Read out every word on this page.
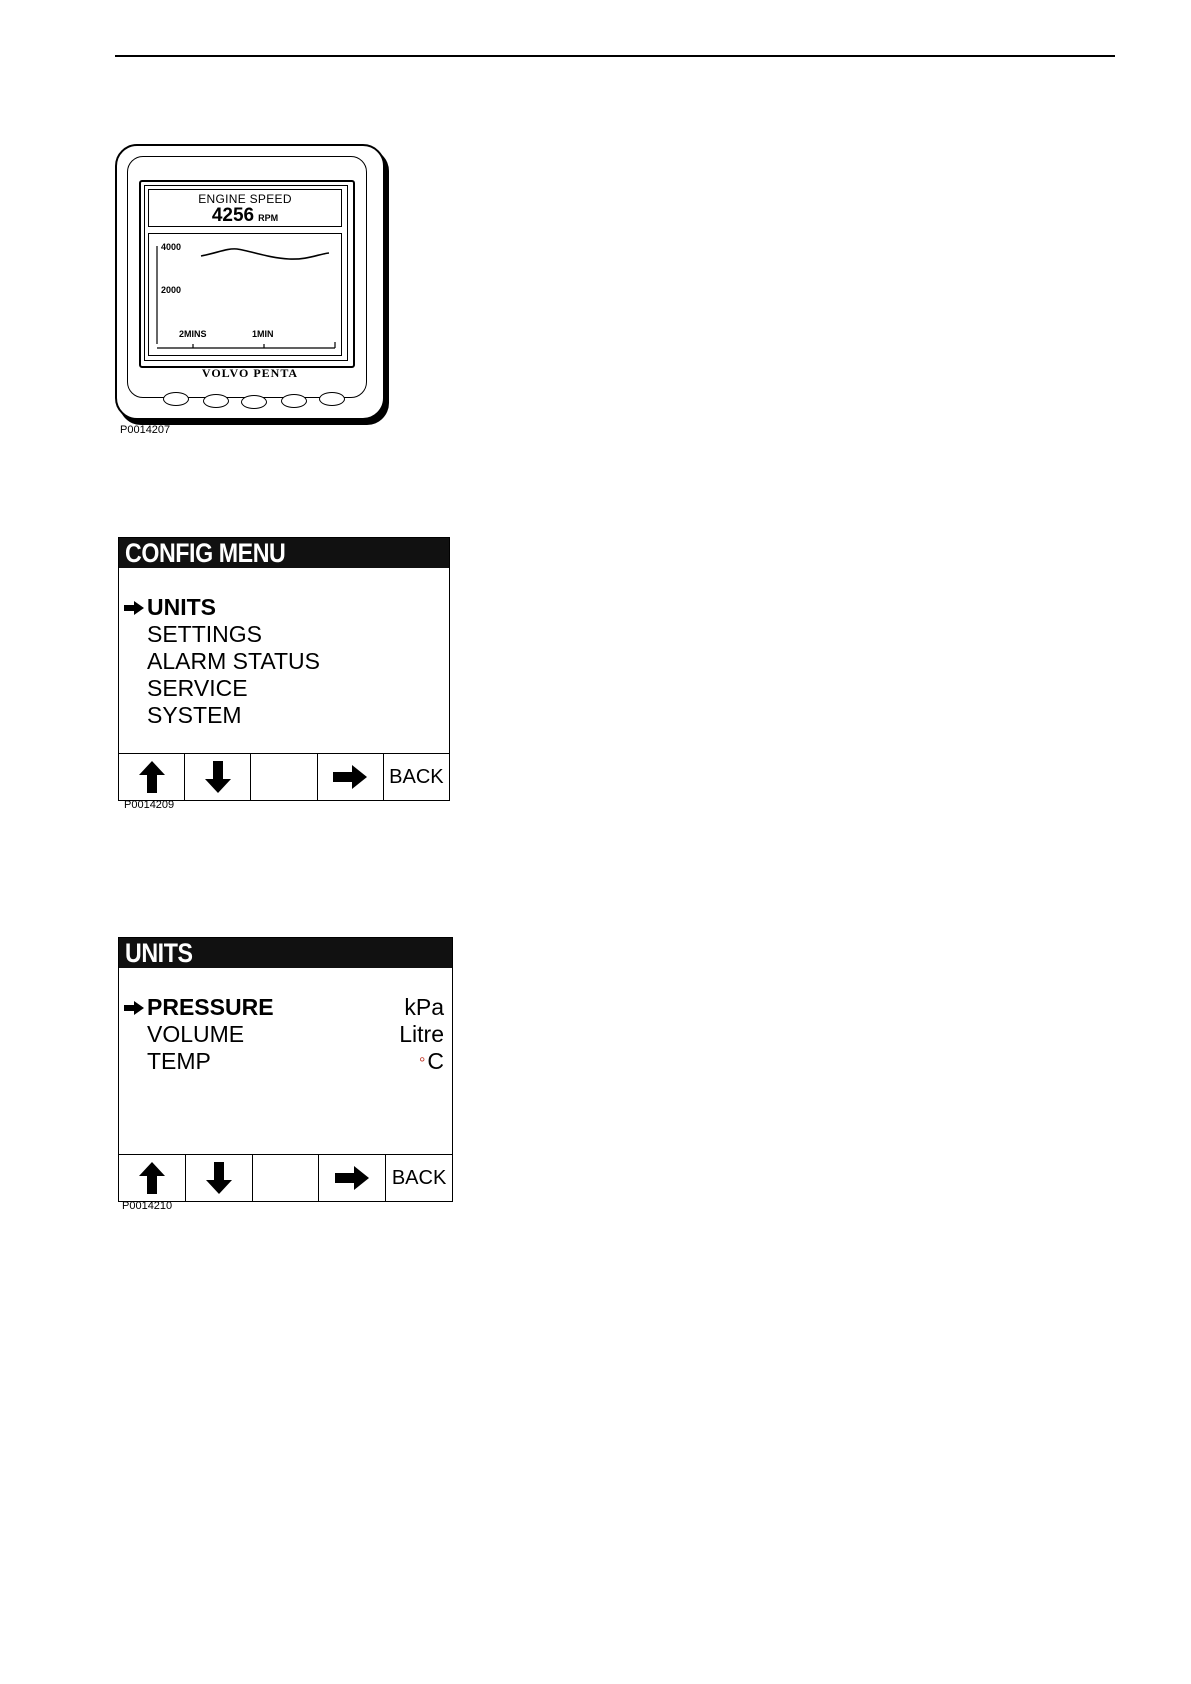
ENGINE SPEED
4256 RPM
4000
2000
2MINS	1MIN
VOLVO PENTA
P0014207
CONFIG MENU
UNITS
SETTINGS
ALARM STATUS
SERVICE
SYSTEM
BACK
P0014209
UNITS
PRESSURE	kPa
VOLUME	Litre
TEMP	°C
BACK
P0014210
